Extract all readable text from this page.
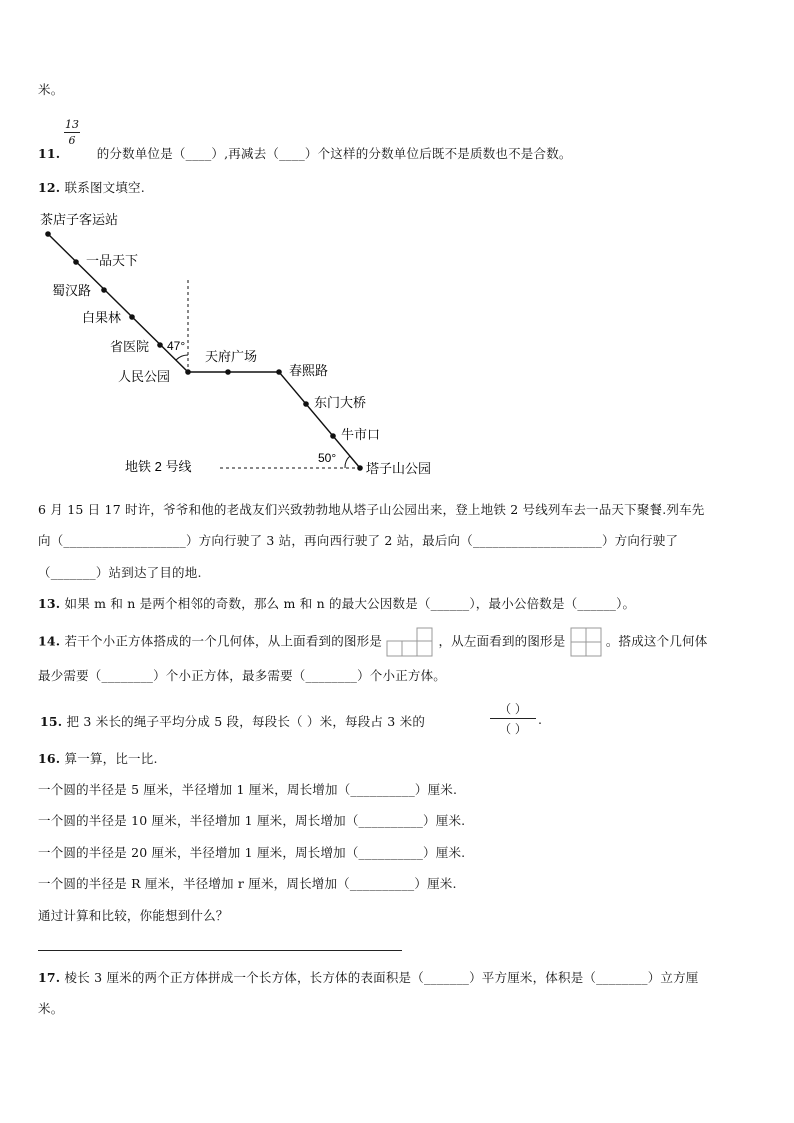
米。
13
6
11.	的分数单位是（____）,再减去（____）个这样的分数单位后既不是质数也不是合数。
12. 联系图文填空.
茶店子客运站
一品天下
蜀汉路
白果林
省医院
人民公园
天府广场
春熙路
东门大桥
牛市口
塔子山公园
47°
50°
地铁 2 号线
6 月 15 日 17 时许，爷爷和他的老战友们兴致勃勃地从塔子山公园出来，登上地铁 2 号线列车去一品天下聚餐.列车先
向（___________________）方向行驶了 3 站，再向西行驶了 2 站，最后向（____________________）方向行驶了
（_______）站到达了目的地.
13. 如果 m 和 n 是两个相邻的奇数，那么 m 和 n 的最大公因数是（______），最小公倍数是（______）。
14. 若干个小正方体搭成的一个几何体，从上面看到的图形是	，从左面看到的图形是	。搭成这个几何体
最少需要（________）个小正方体，最多需要（________）个小正方体。
15. 把 3 米长的绳子平均分成 5 段，每段长（ ）米，每段占 3 米的
（ ）
（ ）
.
16. 算一算，比一比.
一个圆的半径是 5 厘米，半径增加 1 厘米，周长增加（__________）厘米.
一个圆的半径是 10 厘米，半径增加 1 厘米，周长增加（__________）厘米.
一个圆的半径是 20 厘米，半径增加 1 厘米，周长增加（__________）厘米.
一个圆的半径是 R 厘米，半径增加 r 厘米，周长增加（__________）厘米.
通过计算和比较，你能想到什么？
17. 棱长 3 厘米的两个正方体拼成一个长方体，长方体的表面积是（_______）平方厘米，体积是（________）立方厘
米。
